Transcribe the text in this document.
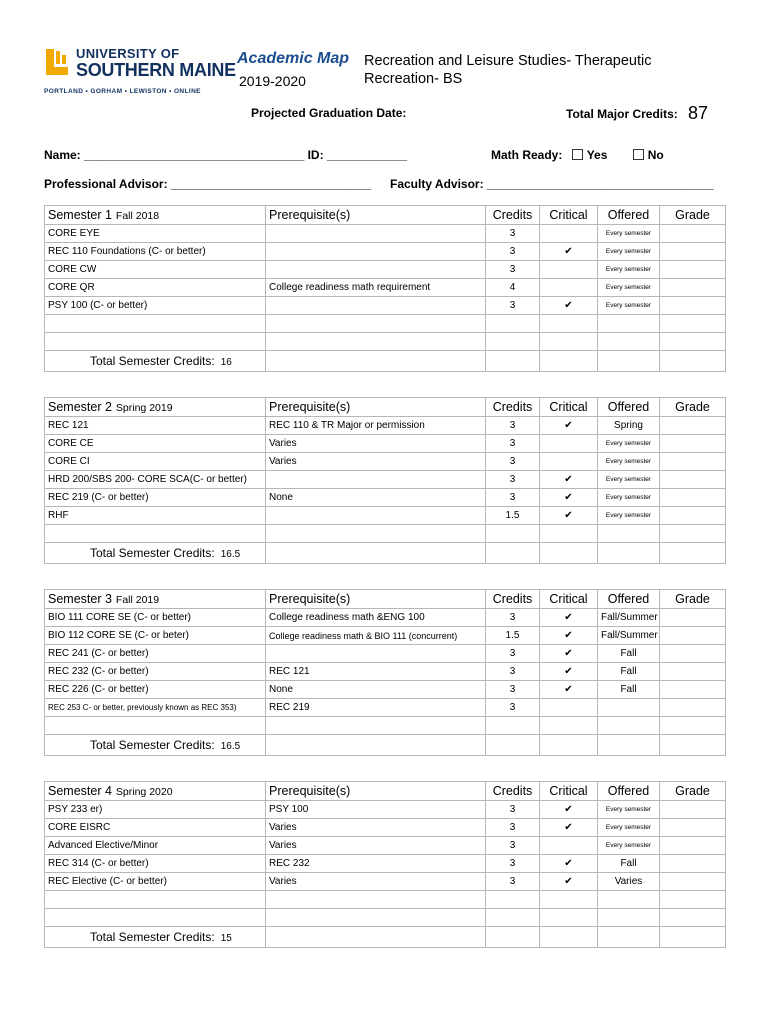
UNIVERSITY OF
SOUTHERN MAINE
PORTLAND • GORHAM • LEWISTON • ONLINE
Academic Map
2019-2020
Recreation and Leisure Studies- Therapeutic Recreation- BS
Projected Graduation Date:	Total Major Credits: 87
Name: _________________________________ ID: ____________	Math Ready: Yes	No
Professional Advisor: ______________________________ Faculty Advisor: __________________________________
Semester 1 Fall 2018	Prerequisite(s)	Credits	Critical	Offered	Grade
CORE EYE		3		Every semester	
REC 110 Foundations (C- or better)		3	✔	Every semester	
CORE CW		3		Every semester	
CORE QR	College readiness math requirement	4		Every semester	
PSY 100 (C- or better)		3	✔	Every semester	

Total Semester Credits: 16					
Semester 2 Spring 2019	Prerequisite(s)	Credits	Critical	Offered	Grade
REC 121	REC 110 & TR Major or permission	3	✔	Spring	
CORE CE	Varies	3		Every semester	
CORE CI	Varies	3		Every semester	
HRD 200/SBS 200- CORE SCA(C- or better)		3	✔	Every semester	
REC 219 (C- or better)	None	3	✔	Every semester	
RHF		1.5	✔	Every semester	

Total Semester Credits: 16.5					
Semester 3 Fall 2019	Prerequisite(s)	Credits	Critical	Offered	Grade
BIO 111 CORE SE (C- or better)	College readiness math &ENG 100	3	✔	Fall/Summer	
BIO 112 CORE SE (C- or beter)	College readiness math & BIO 111 (concurrent)	1.5	✔	Fall/Summer	
REC 241 (C- or better)		3	✔	Fall	
REC 232 (C- or better)	REC 121	3	✔	Fall	
REC 226 (C- or better)	None	3	✔	Fall	
REC 253 C- or better, previously known as REC 353)	REC 219	3			

Total Semester Credits: 16.5					
Semester 4 Spring 2020	Prerequisite(s)	Credits	Critical	Offered	Grade
PSY 233 er)	PSY 100	3	✔	Every semester	
CORE EISRC	Varies	3	✔	Every semester	
Advanced Elective/Minor	Varies	3		Every semester	
REC 314 (C- or better)	REC 232	3	✔	Fall	
REC Elective (C- or better)	Varies	3	✔	Varies	

Total Semester Credits: 15					
